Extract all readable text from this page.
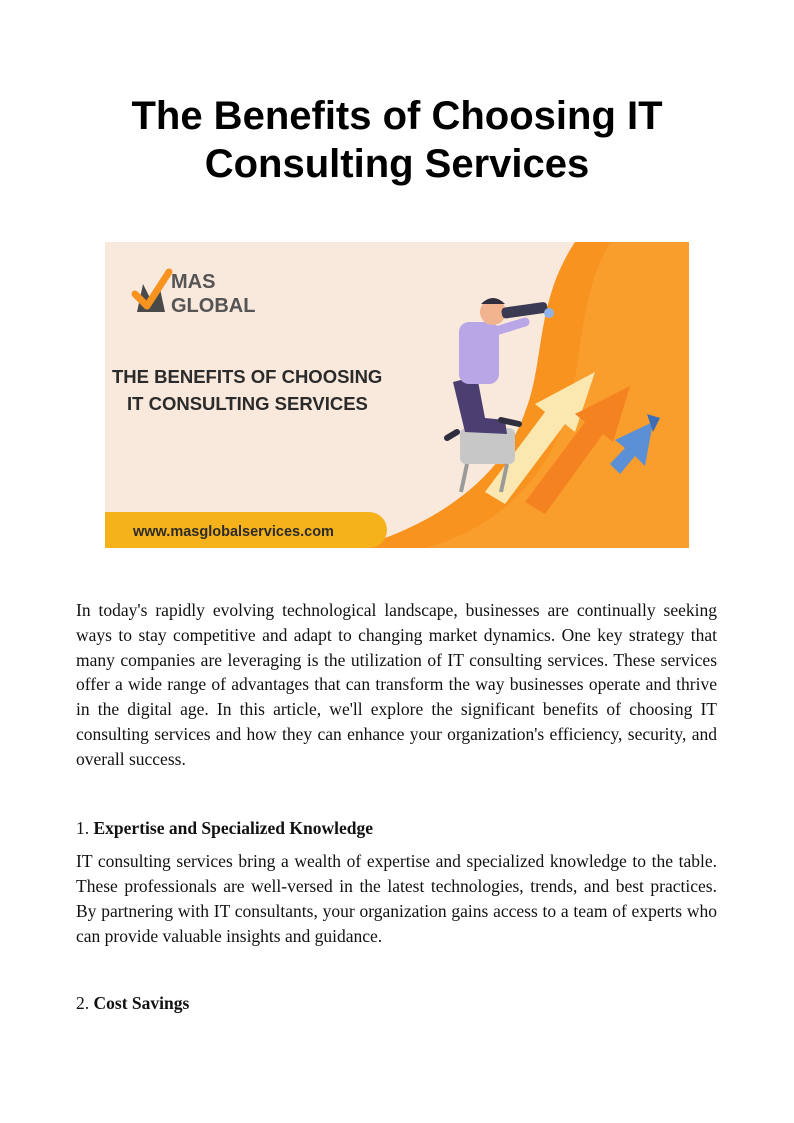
The Benefits of Choosing IT Consulting Services
MAS
GLOBAL
THE BENEFITS OF CHOOSING
IT CONSULTING SERVICES
www.masglobalservices.com

In today's rapidly evolving technological landscape, businesses are continually seeking ways to stay competitive and adapt to changing market dynamics. One key strategy that many companies are leveraging is the utilization of IT consulting services. These services offer a wide range of advantages that can transform the way businesses operate and thrive in the digital age. In this article, we'll explore the significant benefits of choosing IT consulting services and how they can enhance your organization's efficiency, security, and overall success.

1. Expertise and Specialized Knowledge

IT consulting services bring a wealth of expertise and specialized knowledge to the table. These professionals are well-versed in the latest technologies, trends, and best practices. By partnering with IT consultants, your organization gains access to a team of experts who can provide valuable insights and guidance.

2. Cost Savings
